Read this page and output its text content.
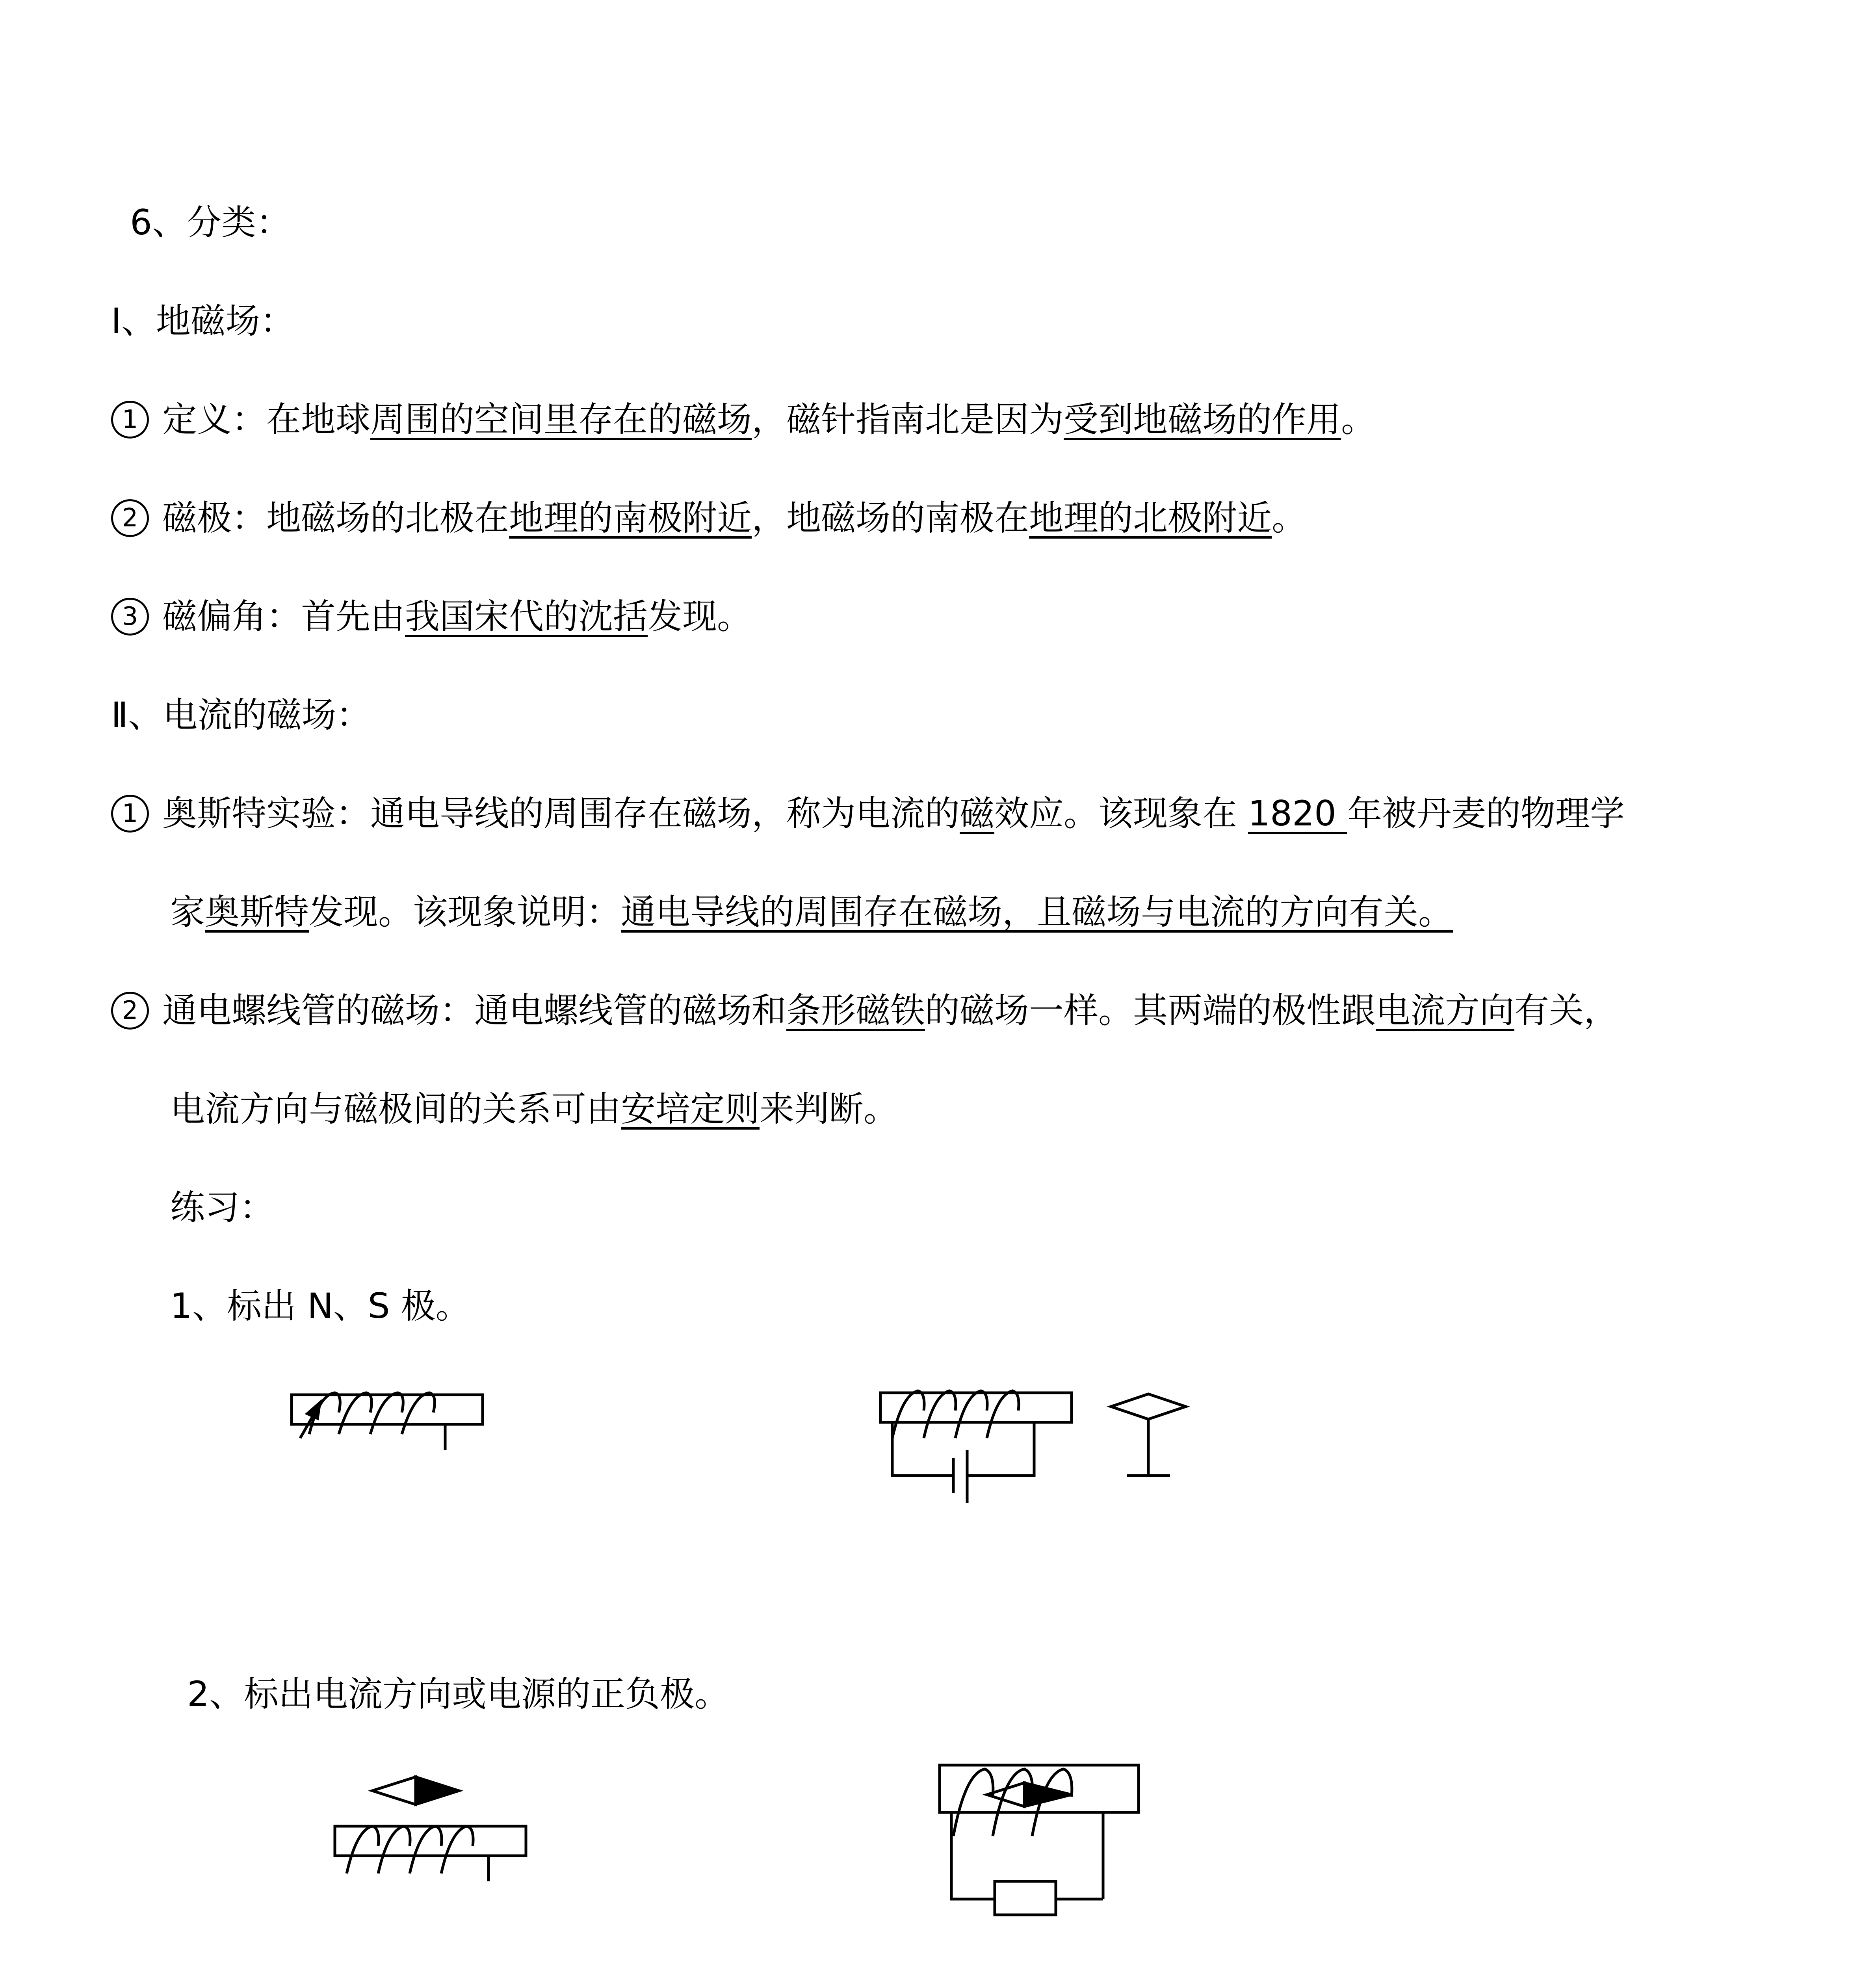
6、分类：
Ⅰ、地磁场：
1 定义：在地球周围的空间里存在的磁场，磁针指南北是因为受到地磁场的作用。
2 磁极：地磁场的北极在地理的南极附近，地磁场的南极在地理的北极附近。
3 磁偏角：首先由我国宋代的沈括发现。
Ⅱ、电流的磁场：
1 奥斯特实验：通电导线的周围存在磁场，称为电流的磁效应。该现象在 1820 年被丹麦的物理学
家奥斯特发现。该现象说明：通电导线的周围存在磁场，且磁场与电流的方向有关。
2 通电螺线管的磁场：通电螺线管的磁场和条形磁铁的磁场一样。其两端的极性跟电流方向有关，
电流方向与磁极间的关系可由安培定则来判断。
练习：
1、标出 N、S 极。
2、标出电流方向或电源的正负极。
